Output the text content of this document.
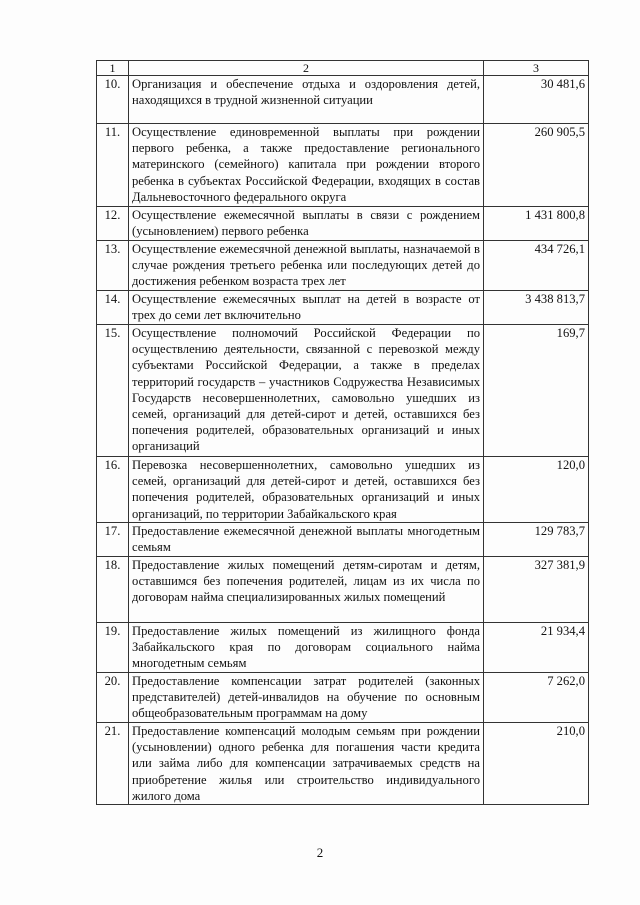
1	2	3
10.	Организация и обеспечение отдыха и оздоровления детей, находящихся в трудной жизненной ситуации	30 481,6
11.	Осуществление единовременной выплаты при рождении первого ребенка, а также предоставление регионального материнского (семейного) капитала при рождении второго ребенка в субъектах Российской Федерации, входящих в состав Дальневосточного федерального округа	260 905,5
12.	Осуществление ежемесячной выплаты в связи с рождением (усыновлением) первого ребенка	1 431 800,8
13.	Осуществление ежемесячной денежной выплаты, назначаемой в случае рождения третьего ребенка или последующих детей до достижения ребенком возраста трех лет	434 726,1
14.	Осуществление ежемесячных выплат на детей в возрасте от трех до семи лет включительно	3 438 813,7
15.	Осуществление полномочий Российской Федерации по осуществлению деятельности, связанной с перевозкой между субъектами Российской Федерации, а также в пределах территорий государств – участников Содружества Независимых Государств несовершеннолетних, самовольно ушедших из семей, организаций для детей-сирот и детей, оставшихся без попечения родителей, образовательных организаций и иных организаций	169,7
16.	Перевозка несовершеннолетних, самовольно ушедших из семей, организаций для детей-сирот и детей, оставшихся без попечения родителей, образовательных организаций и иных организаций, по территории Забайкальского края	120,0
17.	Предоставление ежемесячной денежной выплаты многодетным семьям	129 783,7
18.	Предоставление жилых помещений детям-сиротам и детям, оставшимся без попечения родителей, лицам из их числа по договорам найма специализированных жилых помещений	327 381,9
19.	Предоставление жилых помещений из жилищного фонда Забайкальского края по договорам социального найма многодетным семьям	21 934,4
20.	Предоставление компенсации затрат родителей (законных представителей) детей-инвалидов на обучение по основным общеобразовательным программам на дому	7 262,0
21.	Предоставление компенсаций молодым семьям при рождении (усыновлении) одного ребенка для погашения части кредита или займа либо для компенсации затрачиваемых средств на приобретение жилья или строительство индивидуального жилого дома	210,0
2
